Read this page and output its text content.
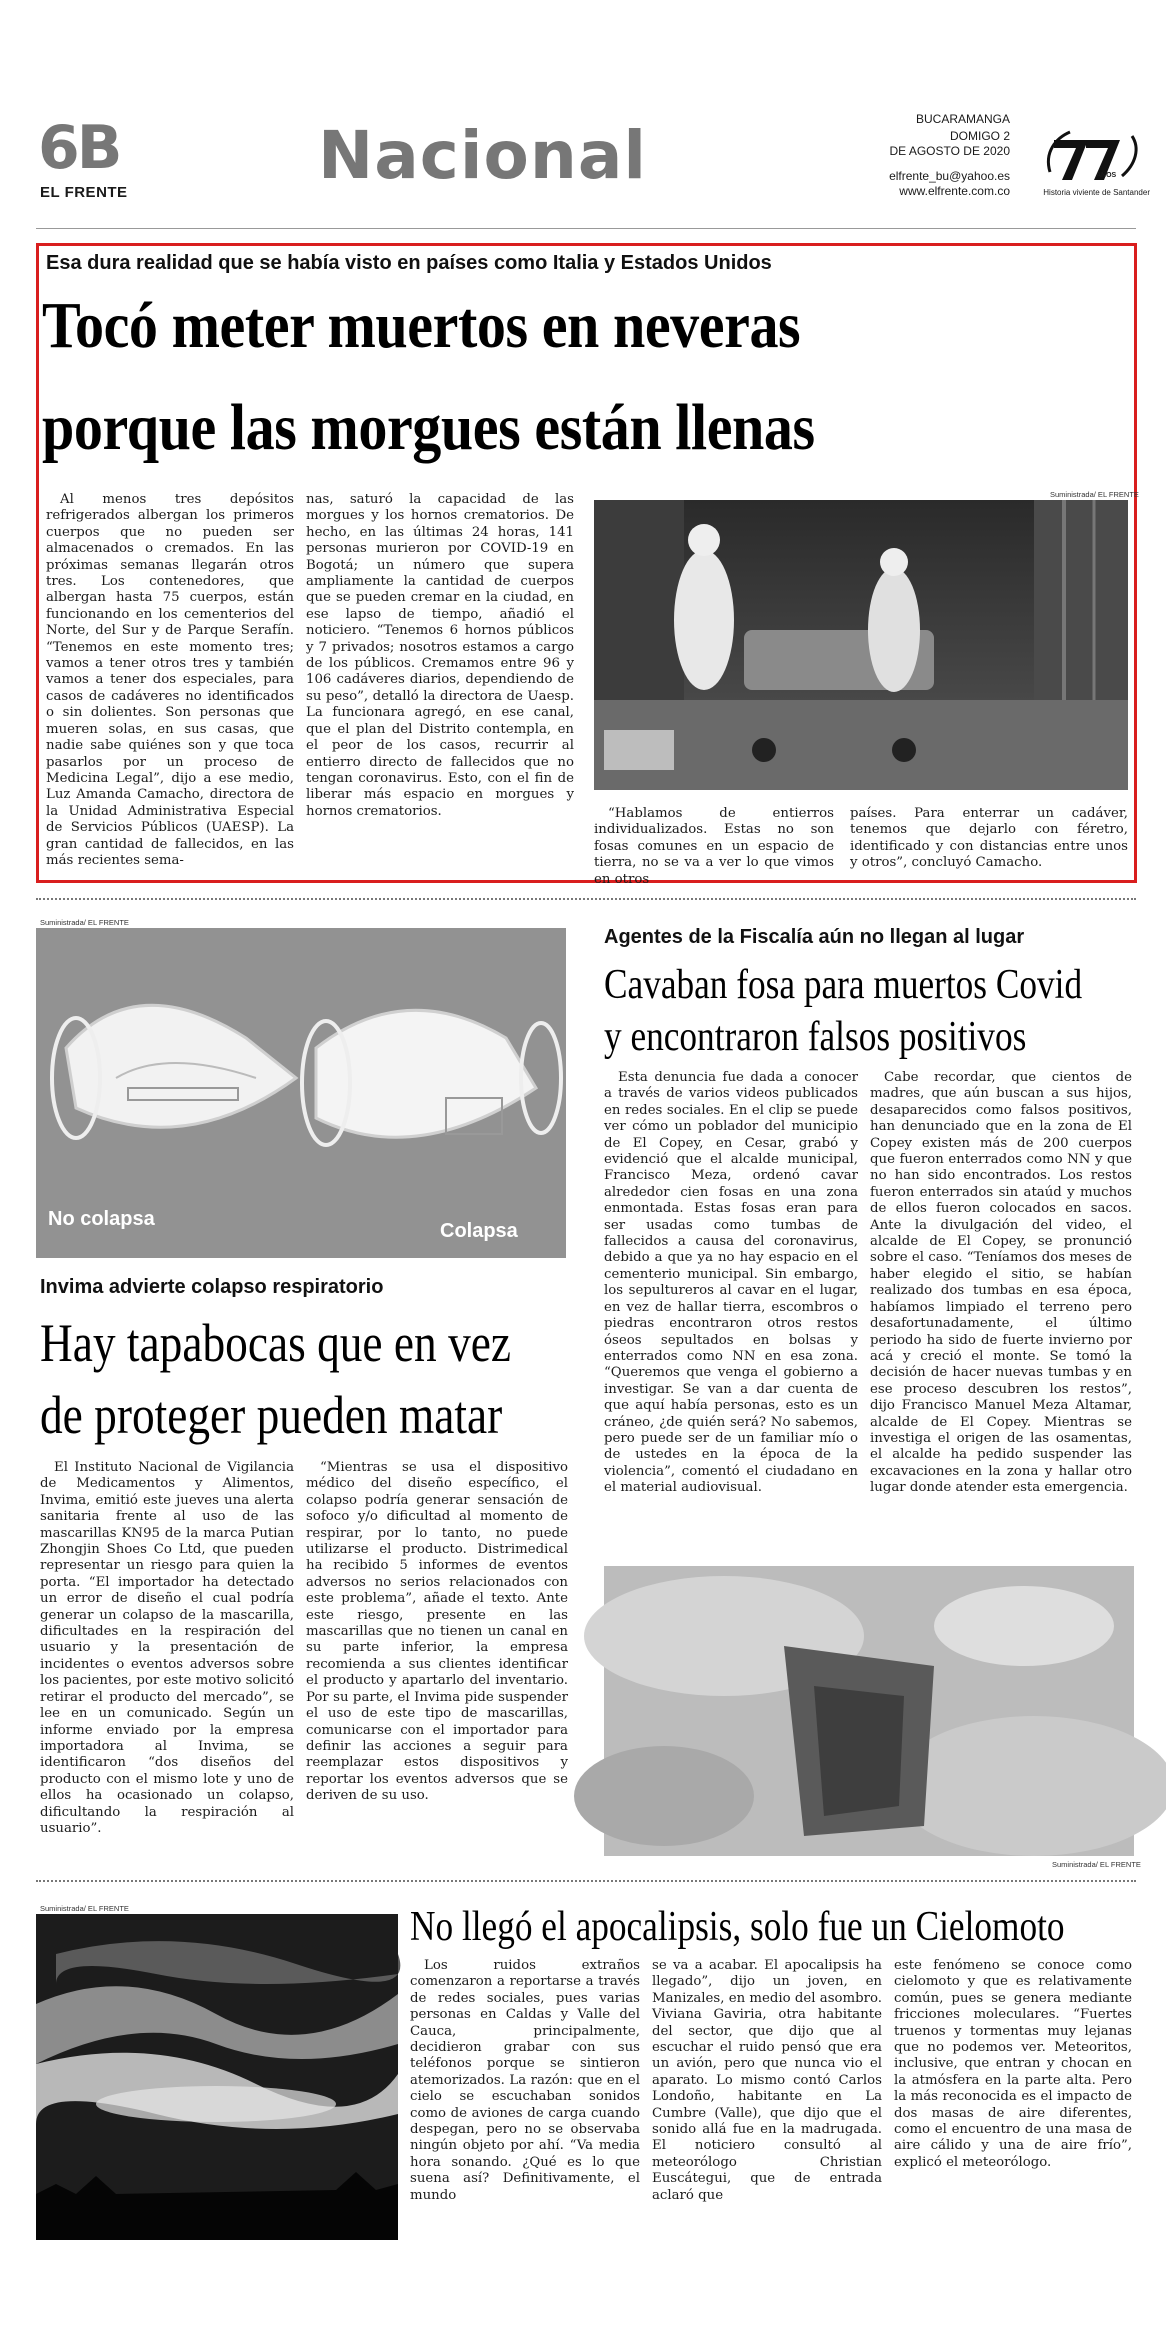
6B
EL FRENTE	Nacional	BUCARAMANGA
DOMIGO 2
DE AGOSTO DE 2020
elfrente_bu@yahoo.es
www.elfrente.com.co
AÑOS
Historia viviente de Santander
Esa dura realidad que se había visto en países como Italia y Estados Unidos
Tocó meter muertos en neveras
porque las morgues están llenas

Al menos tres depósitos refrigerados albergan los primeros cuerpos que no pueden ser almacenados o cremados. En las próximas semanas llegarán otros tres. Los contenedores, que albergan hasta 75 cuerpos, están funcionando en los cementerios del Norte, del Sur y de Parque Serafín. “Tenemos en este momento tres; vamos a tener otros tres y también vamos a tener dos especiales, para casos de cadáveres no identificados o sin dolientes. Son personas que mueren solas, en sus casas, que nadie sabe quiénes son y que toca pasarlos por un proceso de Medicina Legal”, dijo a ese medio, Luz Amanda Camacho, directora de la Unidad Administrativa Especial de Servicios Públicos (UAESP). La gran cantidad de fallecidos, en las más recientes sema-

nas, saturó la capacidad de las morgues y los hornos crematorios. De hecho, en las últimas 24 horas, 141 personas murieron por COVID-19 en Bogotá; un número que supera ampliamente la cantidad de cuerpos que se pueden cremar en la ciudad, en ese lapso de tiempo, añadió el noticiero. “Tenemos 6 hornos públicos y 7 privados; nosotros estamos a cargo de los públicos. Cremamos entre 96 y 106 cadáveres diarios, dependiendo de su peso”, detalló la directora de Uaesp. La funcionara agregó, en ese canal, que el plan del Distrito contempla, en el peor de los casos, recurrir al entierro directo de fallecidos que no tengan coronavirus. Esto, con el fin de liberar más espacio en morgues y hornos crematorios.

Suministrada/ EL FRENTE

“Hablamos de entierros individualizados. Estas no son fosas comunes en un espacio de tierra, no se va a ver lo que vimos en otros

países. Para enterrar un cadáver, tenemos que dejarlo con féretro, identificado y con distancias entre unos y otros”, concluyó Camacho.

Suministrada/ EL FRENTE
No colapsa
Colapsa
Invima advierte colapso respiratorio
Hay tapabocas que en vez
de proteger pueden matar

El Instituto Nacional de Vigilancia de Medicamentos y Alimentos, Invima, emitió este jueves una alerta sanitaria frente al uso de las mascarillas KN95 de la marca Putian Zhongjin Shoes Co Ltd, que pueden representar un riesgo para quien la porta. “El importador ha detectado un error de diseño el cual podría generar un colapso de la mascarilla, dificultades en la respiración del usuario y la presentación de incidentes o eventos adversos sobre los pacientes, por este motivo solicitó retirar el producto del mercado”, se lee en un comunicado. Según un informe enviado por la empresa importadora al Invima, se identificaron “dos diseños del producto con el mismo lote y uno de ellos ha ocasionado un colapso, dificultando la respiración al usuario”.

“Mientras se usa el dispositivo médico del diseño específico, el colapso podría generar sensación de sofoco y/o dificultad al momento de respirar, por lo tanto, no puede utilizarse el producto. Distrimedical ha recibido 5 informes de eventos adversos no serios relacionados con este problema”, añade el texto. Ante este riesgo, presente en las mascarillas que no tienen un canal en su parte inferior, la empresa recomienda a sus clientes identificar el producto y apartarlo del inventario. Por su parte, el Invima pide suspender el uso de este tipo de mascarillas, comunicarse con el importador para definir las acciones a seguir para reemplazar estos dispositivos y reportar los eventos adversos que se deriven de su uso.

Agentes de la Fiscalía aún no llegan al lugar
Cavaban fosa para muertos Covid
y encontraron falsos positivos

Esta denuncia fue dada a conocer a través de varios videos publicados en redes sociales. En el clip se puede ver cómo un poblador del municipio de El Copey, en Cesar, grabó y evidenció que el alcalde municipal, Francisco Meza, ordenó cavar alrededor cien fosas en una zona enmontada. Estas fosas eran para ser usadas como tumbas de fallecidos a causa del coronavirus, debido a que ya no hay espacio en el cementerio municipal. Sin embargo, los sepultureros al cavar en el lugar, en vez de hallar tierra, escombros o piedras encontraron otros restos óseos sepultados en bolsas y enterrados como NN en esa zona. “Queremos que venga el gobierno a investigar. Se van a dar cuenta de que aquí había personas, esto es un cráneo, ¿de quién será? No sabemos, pero puede ser de un familiar mío o de ustedes en la época de la violencia”, comentó el ciudadano en el material audiovisual.

Cabe recordar, que cientos de madres, que aún buscan a sus hijos, desaparecidos como falsos positivos, han denunciado que en la zona de El Copey existen más de 200 cuerpos que fueron enterrados como NN y que no han sido encontrados. Los restos fueron enterrados sin ataúd y muchos de ellos fueron colocados en sacos. Ante la divulgación del video, el alcalde de El Copey, se pronunció sobre el caso. “Teníamos dos meses de haber elegido el sitio, se habían realizado dos tumbas en esa época, habíamos limpiado el terreno pero desafortunadamente, el último periodo ha sido de fuerte invierno por acá y creció el monte. Se tomó la decisión de hacer nuevas tumbas y en ese proceso descubren los restos”, dijo Francisco Manuel Meza Altamar, alcalde de El Copey. Mientras se investiga el origen de las osamentas, el alcalde ha pedido suspender las excavaciones en la zona y hallar otro lugar donde atender esta emergencia.

Suministrada/ EL FRENTE
Suministrada/ EL FRENTE	No llegó el apocalipsis, solo fue un Cielomoto

Los ruidos extraños comenzaron a reportarse a través de redes sociales, pues varias personas en Caldas y Valle del Cauca, principalmente, decidieron grabar con sus teléfonos porque se sintieron atemorizados. La razón: que en el cielo se escuchaban sonidos como de aviones de carga cuando despegan, pero no se observaba ningún objeto por ahí. “Va media hora sonando. ¿Qué es lo que suena así? Definitivamente, el mundo

se va a acabar. El apocalipsis ha llegado”, dijo un joven, en Manizales, en medio del asombro. Viviana Gaviria, otra habitante del sector, que dijo que al escuchar el ruido pensó que era un avión, pero que nunca vio el aparato. Lo mismo contó Carlos Londoño, habitante en La Cumbre (Valle), que dijo que el sonido allá fue en la madrugada. El noticiero consultó al meteorólogo Christian Euscátegui, que de entrada aclaró que

este fenómeno se conoce como cielomoto y que es relativamente común, pues se genera mediante fricciones moleculares. “Fuertes truenos y tormentas muy lejanas que no podemos ver. Meteoritos, inclusive, que entran y chocan en la atmósfera en la parte alta. Pero la más reconocida es el impacto de dos masas de aire diferentes, como el encuentro de una masa de aire cálido y una de aire frío”, explicó el meteorólogo.
